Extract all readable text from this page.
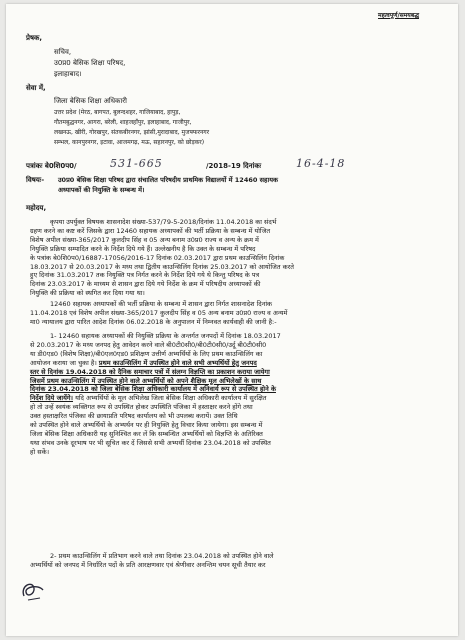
महत्वपूर्ण/समयबद्ध
प्रेषक,
सचिव,
उ0प्र0 बेसिक शिक्षा परिषद,
इलाहाबाद।
सेवा में,
जिला बेसिक शिक्षा अधिकारी
उत्तर प्रदेश (मेरठ, बागपत, बुलन्दशहर, गाजियाबाद, हापुड़,
गौतमबुद्धनगर, आगरा, बरेली, शाहजहाँपुर, इलाहाबाद, गाजीपुर,
लखनऊ, खीरी, गोरखपुर, संतकबीरनगर, झांसी,मुरादाबाद, मुजफ्फरनगर
सम्भल, कानपुरनगर, इटावा, आजमगढ़, मऊ, सहारनपुर, को छोड़कर)
पत्रांकः बे0शि0प0/	531-665	/2018-19 दिनांकः	16-4-18
विषयः- उ0प्र0 बेसिक शिक्षा परिषद द्वारा संचालित परिषदीय प्राथमिक विद्यालयों में 12460 सहायक
अध्यापकों की नियुक्ति के सम्बन्ध में।
महोदय,
कृपया उपर्युक्त विषयक शासनादेश संख्या-537/79-5-2018/दिनांक 11.04.2018 का संदर्भ
ग्रहण करने का कष्ट करें जिसके द्वारा 12460 सहायक अध्यापकों की भर्ती प्रक्रिया के सम्बन्ध में योजित
विशेष अपील संख्या-365/2017 कुलदीप सिंह व 05 अन्य बनाम उ0प्र0 राज्य व अन्य के क्रम में
नियुक्ति प्रक्रिया सम्पादित करने के निर्देश दिये गये हैं। उल्लेखनीय है कि उक्त के सम्बन्ध में परिषद
के पत्रांक बे0शि0प0/16887-17056/2016-17 दिनांक 02.03.2017 द्वारा प्रथम काउन्सिलिंग दिनांक
18.03.2017 से 20.03.2017 के मध्य तथा द्वितीय काउन्सिलिंग दिनांक 25.03.2017 को आयोजित करते
हुए दिनांक 31.03.2017 तक नियुक्ति पत्र निर्गत करने के निर्देश दिये गये थे किन्तु परिषद के पत्र
दिनांक 23.03.2017 के माध्यम से शासन द्वारा दिये गये निर्देश के क्रम में परिषदीय अध्यापकों की
नियुक्ति की प्रक्रिया को स्थगित कर दिया गया था।
12460 सहायक अध्यापकों की भर्ती प्रक्रिया के सम्बन्ध में शासन द्वारा निर्गत शासनादेश दिनांक
11.04.2018 एवं विशेष अपील संख्या-365/2017 कुलदीप सिंह व 05 अन्य बनाम उ0प्र0 राज्य व अन्यमें
मा0 न्यायालय द्वारा पारित आदेश दिनांक 06.02.2018 के अनुपालन में निम्नवत कार्यवाही की जानी है:-
1- 12460 सहायक अध्यापकों की नियुक्ति प्रक्रिया के अन्तर्गत जनपदों में दिनांक 18.03.2017
से 20.03.2017 के मध्य जनपद हेतु आवेदन करने वाले बी0टी0सी0/बी0टी0सी0/उर्दू बी0टी0सी0
या डी0एड0 (विशेष शिक्षा)/बी0एल0एड0 प्रशिक्षण उत्तीर्ण अभ्यर्थियों के लिए प्रथम काउन्सिलिंग का
आयोजन कराया जा चुका है। प्रथम काउन्सिलिंग में उपस्थित होने वाले सभी अभ्यर्थियों हेतु जनपद
स्तर से दिनांक 19.04.2018 को दैनिक समाचार पत्रों में संलग्न विज्ञप्ति का प्रकाशन कराया जायेगा
जिसमें प्रथम काउन्सिलिंग में उपस्थित होने वाले अभ्यर्थियों को अपने शैक्षिक मूल अभिलेखों के साथ
दिनांक 23.04.2018 को जिला बेसिक शिक्षा अधिकारी कार्यालय में अनिवार्य रूप से उपस्थित होने के
निर्देश दिये जायेंगे। यदि अभ्यर्थियों के मूल अभिलेख जिला बेसिक शिक्षा अधिकारी कार्यालय में सुरक्षित
हो तो उन्हें स्वयंक व्यक्तिगत रूप से उपस्थित होकर उपस्थिति पंजिका में हस्ताक्षर करने होंगे तथा
उक्त हस्ताक्षरित पंजिका की छायाप्रति परिषद कार्यालय को भी उपलब्ध करायें। उक्त तिथि
को उपस्थित होने वाले अभ्यर्थियों के अभ्यर्थन पर ही नियुक्ति हेतु विचार किया जायेगा। इस सम्बन्ध में
जिला बेसिक शिक्षा अधिकारी यह सुनिश्चित कर लें कि सम्बन्धित अभ्यर्थियों को विज्ञप्ति के अतिरिक्त
यथा संभव उनके दूरभाष पर भी सूचित कर दें जिससे सभी अभ्यर्थी दिनांक 23.04.2018 को उपस्थित
हो सकें।
2- प्रथम काउन्सिलिंग में प्रतिभाग करने वाले तथा दिनांक 23.04.2018 को उपस्थित होने वाले
अभ्यर्थियों को जनपद में निर्धारित पदों के प्रति आरक्षणवार एवं श्रेणीवार अनन्तिम चयन सूची तैयार कर
